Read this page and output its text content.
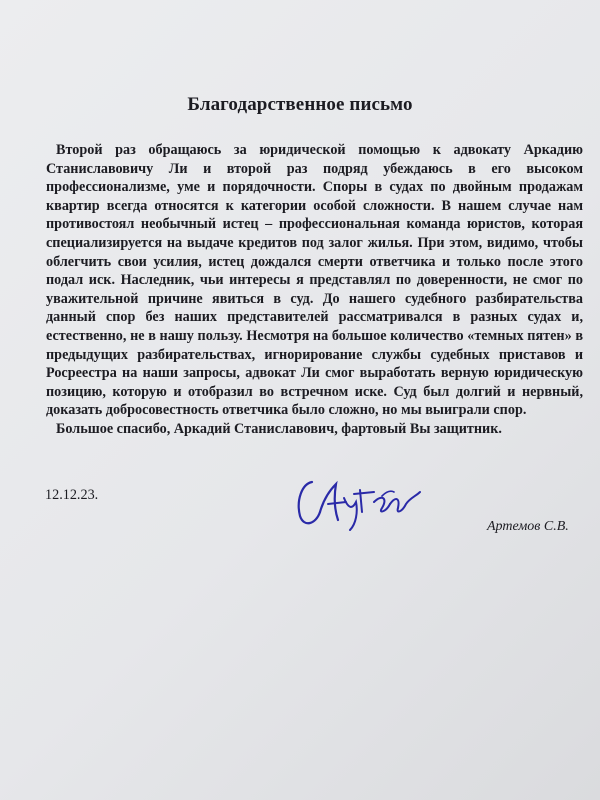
Благодарственное письмо

Второй раз обращаюсь за юридической помощью к адвокату Аркадию Станиславовичу Ли и второй раз подряд убеждаюсь в его высоком профессионализме, уме и порядочности. Споры в судах по двойным продажам квартир всегда относятся к категории особой сложности. В нашем случае нам противостоял необычный истец – профессиональная команда юристов, которая специализируется на выдаче кредитов под залог жилья. При этом, видимо, чтобы облегчить свои усилия, истец дождался смерти ответчика и только после этого подал иск. Наследник, чьи интересы я представлял по доверенности, не смог по уважительной причине явиться в суд. До нашего судебного разбирательства данный спор без наших представителей рассматривался в разных судах и, естественно, не в нашу пользу. Несмотря на большое количество «темных пятен» в предыдущих разбирательствах, игнорирование службы судебных приставов и Росреестра на наши запросы, адвокат Ли смог выработать верную юридическую позицию, которую и отобразил во встречном иске. Суд был долгий и нервный, доказать добросовестность ответчика было сложно, но мы выиграли спор.

Большое спасибо, Аркадий Станиславович, фартовый Вы защитник.

12.12.23.
Артемов С.В.
